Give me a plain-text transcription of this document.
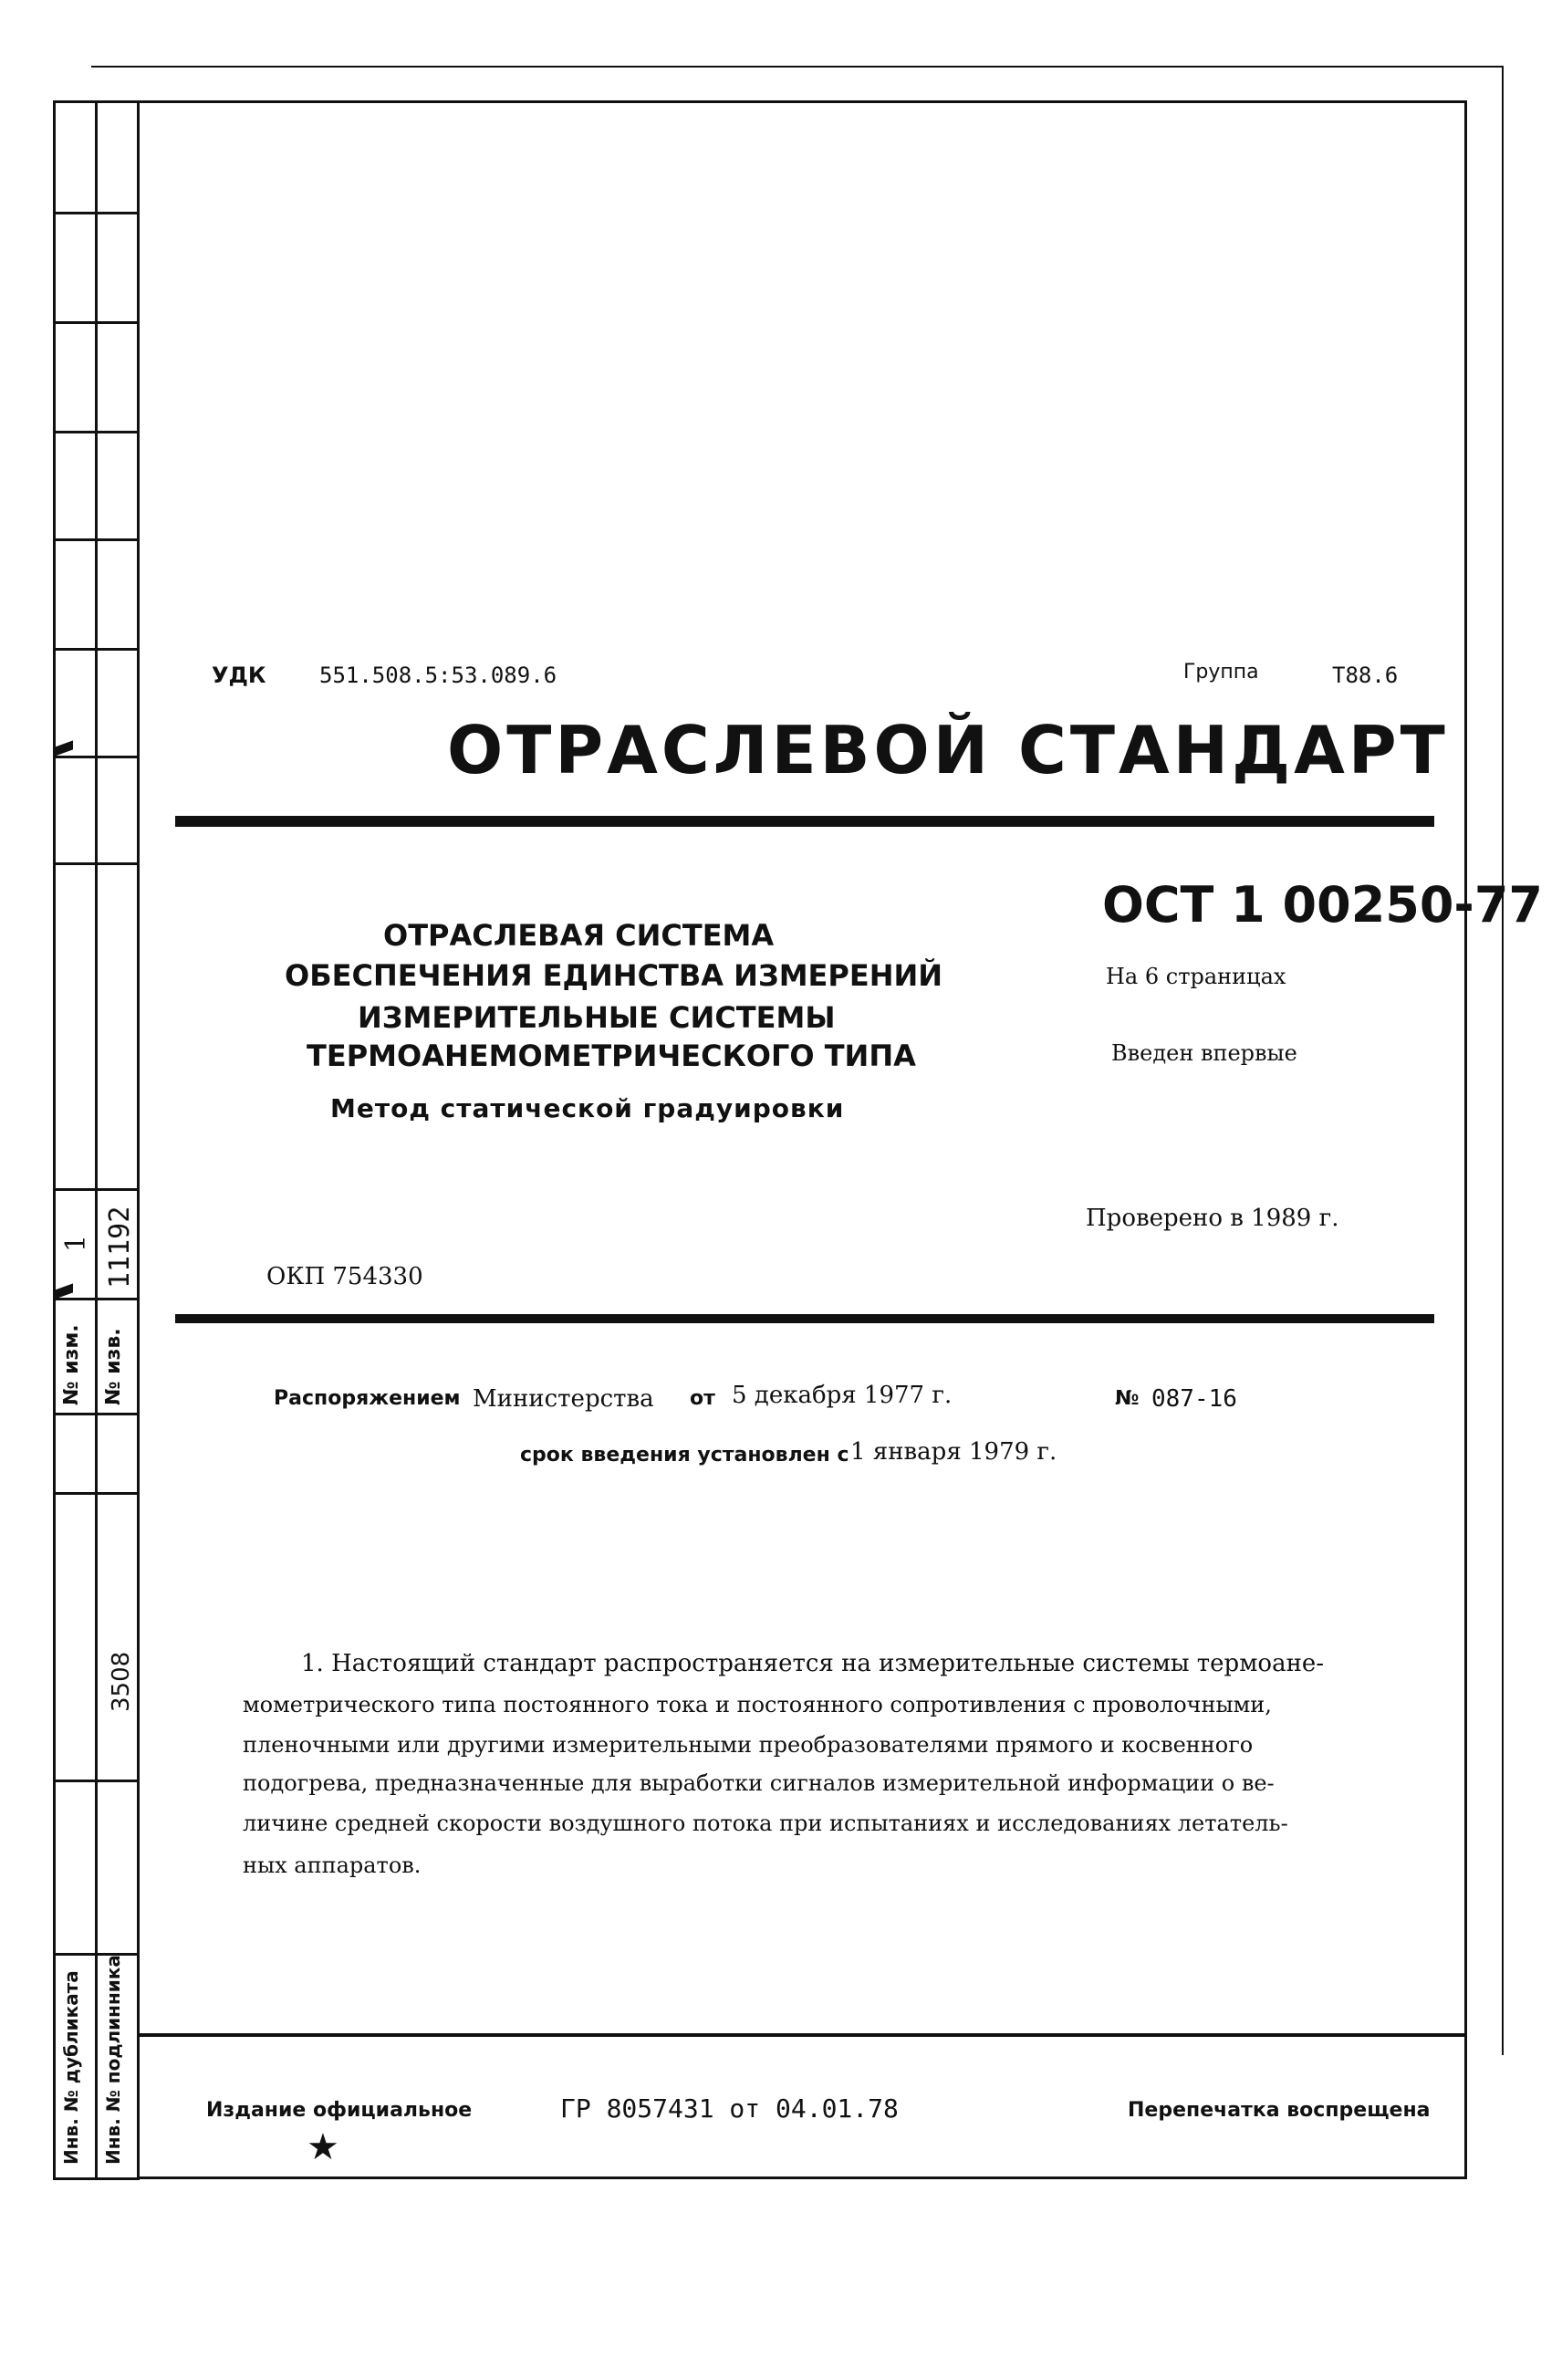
№ изм.
1
№ изв.
11192
3508
Инв. № дубликата Инв. № подлинника
УДК 551.508.5:53.089.6	Группа	Т88.6
ОТРАСЛЕВОЙ СТАНДАРТ
ОТРАСЛЕВАЯ СИСТЕМА
ОБЕСПЕЧЕНИЯ ЕДИНСТВА ИЗМЕРЕНИЙ
ИЗМЕРИТЕЛЬНЫЕ СИСТЕМЫ
ТЕРМОАНЕМОМЕТРИЧЕСКОГО ТИПА
Метод статической градуировки
ОСТ 1 00250-77
На 6 страницах
Введен впервые
Проверено в 1989 г.
ОКП 754330
Распоряжением Министерства от 5 декабря 1977 г.	№ 087-16
срок введения установлен с 1 января 1979 г.
1. Настоящий стандарт распространяется на измерительные системы термоане-
мометрического типа постоянного тока и постоянного сопротивления с проволочными,
пленочными или другими измерительными преобразователями прямого и косвенного
подогрева, предназначенные для выработки сигналов измерительной информации о ве-
личине средней скорости воздушного потока при испытаниях и исследованиях летатель-
ных аппаратов.
Издание официальное
★
ГР 8057431 от 04.01.78	Перепечатка воспрещена
